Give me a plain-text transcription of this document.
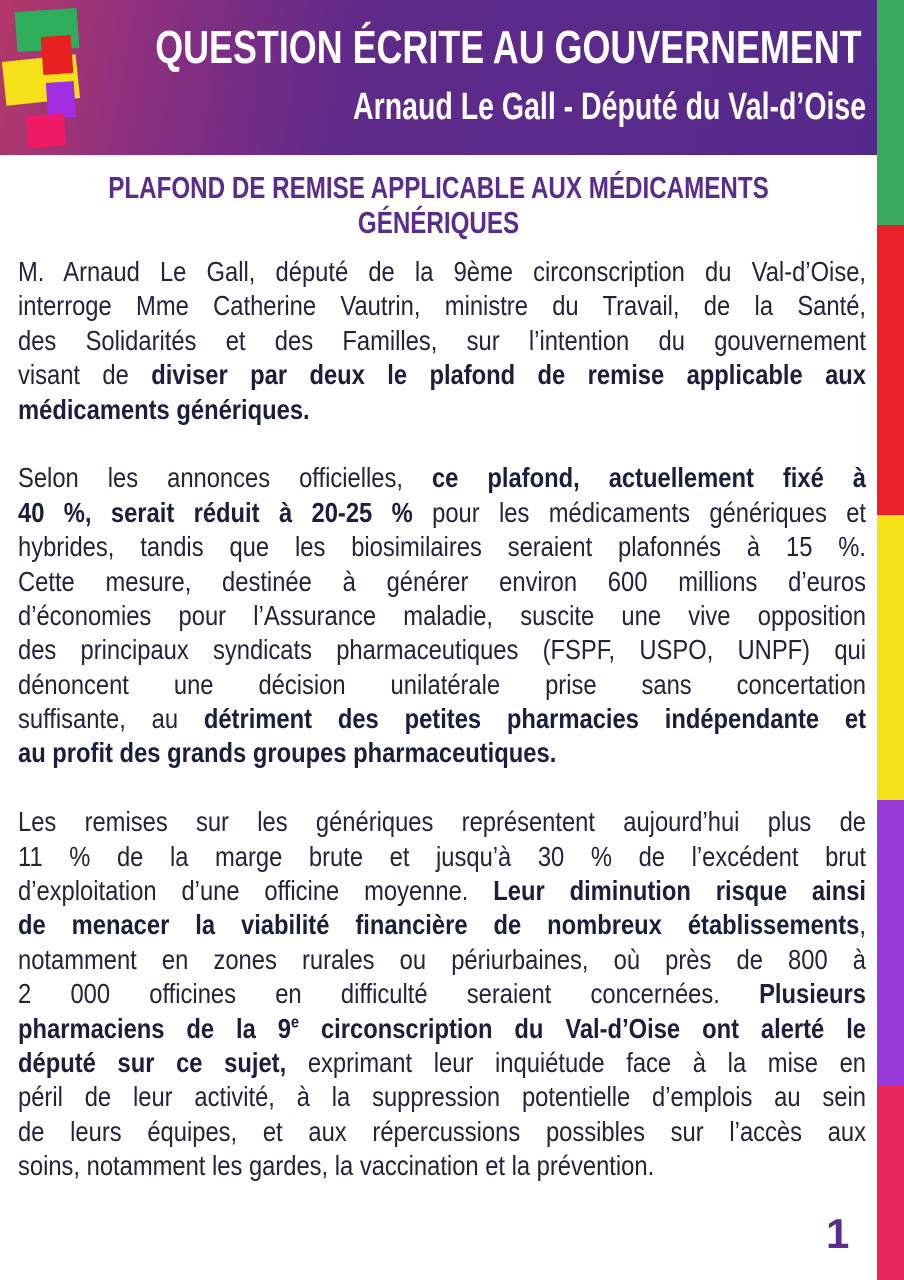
QUESTION ÉCRITE AU GOUVERNEMENT
Arnaud Le Gall - Député du Val-d’Oise
PLAFOND DE REMISE APPLICABLE AUX MÉDICAMENTS
GÉNÉRIQUES
M. Arnaud Le Gall, député de la 9ème circonscription du Val-d’Oise,
interroge Mme Catherine Vautrin, ministre du Travail, de la Santé,
des Solidarités et des Familles, sur l’intention du gouvernement
visant de diviser par deux le plafond de remise applicable aux
médicaments génériques.
Selon les annonces officielles, ce plafond, actuellement fixé à
40 %, serait réduit à 20-25 % pour les médicaments génériques et
hybrides, tandis que les biosimilaires seraient plafonnés à 15 %.
Cette mesure, destinée à générer environ 600 millions d’euros
d’économies pour l’Assurance maladie, suscite une vive opposition
des principaux syndicats pharmaceutiques (FSPF, USPO, UNPF) qui
dénoncent une décision unilatérale prise sans concertation
suffisante, au détriment des petites pharmacies indépendante et
au profit des grands groupes pharmaceutiques.
Les remises sur les génériques représentent aujourd’hui plus de
11 % de la marge brute et jusqu’à 30 % de l’excédent brut
d’exploitation d’une officine moyenne. Leur diminution risque ainsi
de menacer la viabilité financière de nombreux établissements,
notamment en zones rurales ou périurbaines, où près de 800 à
2 000 officines en difficulté seraient concernées. Plusieurs
pharmaciens de la 9e circonscription du Val-d’Oise ont alerté le
député sur ce sujet, exprimant leur inquiétude face à la mise en
péril de leur activité, à la suppression potentielle d’emplois au sein
de leurs équipes, et aux répercussions possibles sur l’accès aux
soins, notamment les gardes, la vaccination et la prévention.
1
